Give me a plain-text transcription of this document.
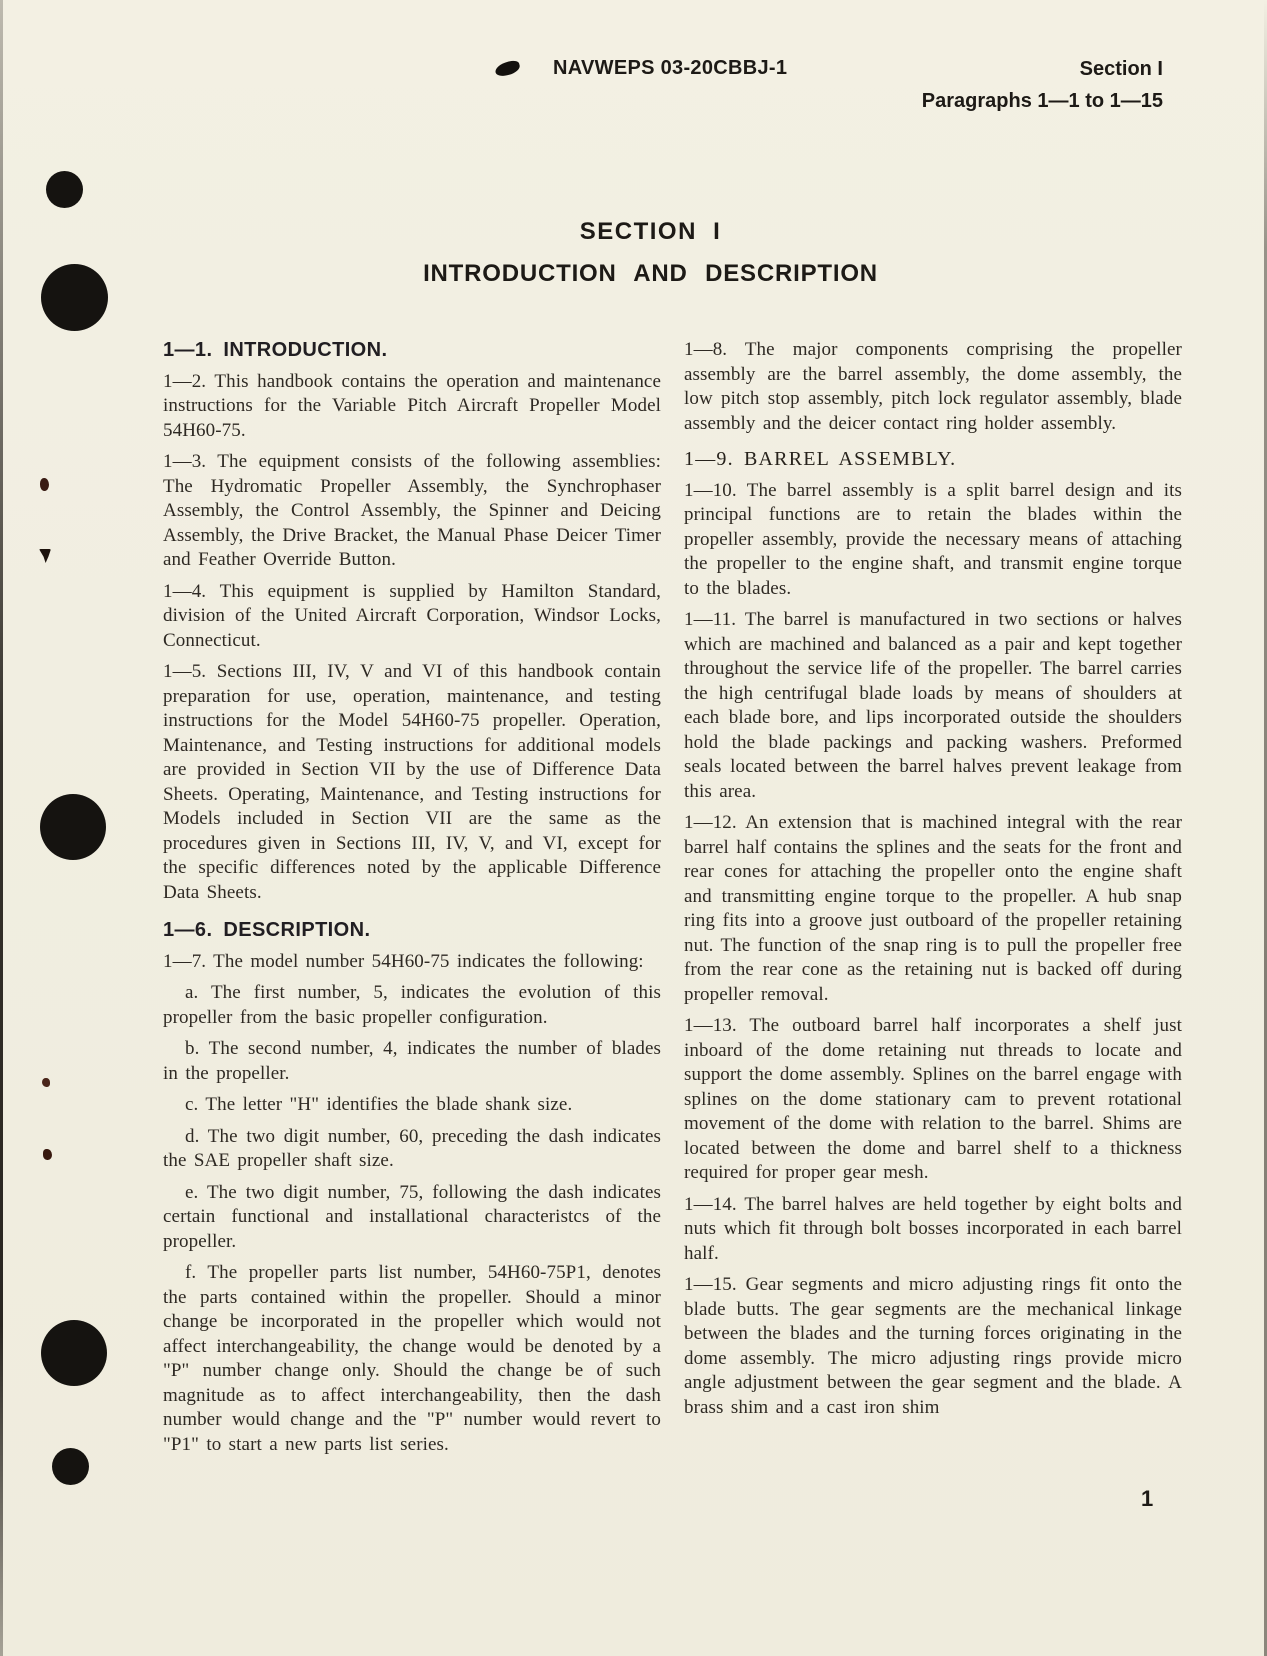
NAVWEPS 03-20CBBJ-1	Section I
Paragraphs 1—1 to 1—15
SECTION I
INTRODUCTION AND DESCRIPTION

1—1. INTRODUCTION.

1—2. This handbook contains the operation and maintenance instructions for the Variable Pitch Aircraft Propeller Model 54H60-75.

1—3. The equipment consists of the following assemblies: The Hydromatic Propeller Assembly, the Synchrophaser Assembly, the Control Assembly, the Spinner and Deicing Assembly, the Drive Bracket, the Manual Phase Deicer Timer and Feather Override Button.

1—4. This equipment is supplied by Hamilton Standard, division of the United Aircraft Corporation, Windsor Locks, Connecticut.

1—5. Sections III, IV, V and VI of this handbook contain preparation for use, operation, maintenance, and testing instructions for the Model 54H60-75 propeller. Operation, Maintenance, and Testing instructions for additional models are provided in Section VII by the use of Difference Data Sheets. Operating, Maintenance, and Testing instructions for Models included in Section VII are the same as the procedures given in Sections III, IV, V, and VI, except for the specific differences noted by the applicable Difference Data Sheets.

1—6. DESCRIPTION.

1—7. The model number 54H60-75 indicates the following:

a. The first number, 5, indicates the evolution of this propeller from the basic propeller configuration.

b. The second number, 4, indicates the number of blades in the propeller.

c. The letter "H" identifies the blade shank size.

d. The two digit number, 60, preceding the dash indicates the SAE propeller shaft size.

e. The two digit number, 75, following the dash indicates certain functional and installational characteristcs of the propeller.

f. The propeller parts list number, 54H60-75P1, denotes the parts contained within the propeller. Should a minor change be incorporated in the propeller which would not affect interchangeability, the change would be denoted by a "P" number change only. Should the change be of such magnitude as to affect interchangeability, then the dash number would change and the "P" number would revert to "P1" to start a new parts list series.

1—8. The major components comprising the propeller assembly are the barrel assembly, the dome assembly, the low pitch stop assembly, pitch lock regulator assembly, blade assembly and the deicer contact ring holder assembly.

1—9. BARREL ASSEMBLY.

1—10. The barrel assembly is a split barrel design and its principal functions are to retain the blades within the propeller assembly, provide the necessary means of attaching the propeller to the engine shaft, and transmit engine torque to the blades.

1—11. The barrel is manufactured in two sections or halves which are machined and balanced as a pair and kept together throughout the service life of the propeller. The barrel carries the high centrifugal blade loads by means of shoulders at each blade bore, and lips incorporated outside the shoulders hold the blade packings and packing washers. Preformed seals located between the barrel halves prevent leakage from this area.

1—12. An extension that is machined integral with the rear barrel half contains the splines and the seats for the front and rear cones for attaching the propeller onto the engine shaft and transmitting engine torque to the propeller. A hub snap ring fits into a groove just outboard of the propeller retaining nut. The function of the snap ring is to pull the propeller free from the rear cone as the retaining nut is backed off during propeller removal.

1—13. The outboard barrel half incorporates a shelf just inboard of the dome retaining nut threads to locate and support the dome assembly. Splines on the barrel engage with splines on the dome stationary cam to prevent rotational movement of the dome with relation to the barrel. Shims are located between the dome and barrel shelf to a thickness required for proper gear mesh.

1—14. The barrel halves are held together by eight bolts and nuts which fit through bolt bosses incorporated in each barrel half.

1—15. Gear segments and micro adjusting rings fit onto the blade butts. The gear segments are the mechanical linkage between the blades and the turning forces originating in the dome assembly. The micro adjusting rings provide micro angle adjustment between the gear segment and the blade. A brass shim and a cast iron shim

1
